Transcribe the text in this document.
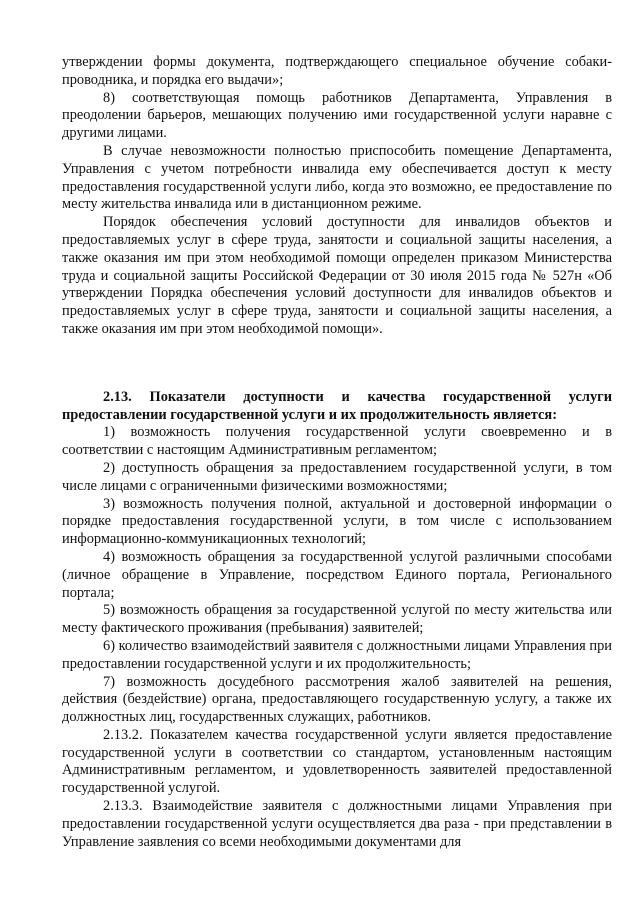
утверждении формы документа, подтверждающего специальное обучение собаки-проводника, и порядка его выдачи»;

8) соответствующая помощь работников Департамента, Управления в преодолении барьеров, мешающих получению ими государственной услуги наравне с другими лицами.

В случае невозможности полностью приспособить помещение Департамента, Управления с учетом потребности инвалида ему обеспечивается доступ к месту предоставления государственной услуги либо, когда это возможно, ее предоставление по месту жительства инвалида или в дистанционном режиме.

Порядок обеспечения условий доступности для инвалидов объектов и предоставляемых услуг в сфере труда, занятости и социальной защиты населения, а также оказания им при этом необходимой помощи определен приказом Министерства труда и социальной защиты Российской Федерации от 30 июля 2015 года № 527н «Об утверждении Порядка обеспечения условий доступности для инвалидов объектов и предоставляемых услуг в сфере труда, занятости и социальной защиты населения, а также оказания им при этом необходимой помощи».

2.13. Показатели доступности и качества государственной услуги предоставлении государственной услуги и их продолжительность является:

1) возможность получения государственной услуги своевременно и в соответствии с настоящим Административным регламентом;

2) доступность обращения за предоставлением государственной услуги, в том числе лицами с ограниченными физическими возможностями;

3) возможность получения полной, актуальной и достоверной информации о порядке предоставления государственной услуги, в том числе с использованием информационно-коммуникационных технологий;

4) возможность обращения за государственной услугой различными способами (личное обращение в Управление, посредством Единого портала, Регионального портала;

5) возможность обращения за государственной услугой по месту жительства или месту фактического проживания (пребывания) заявителей;

6) количество взаимодействий заявителя с должностными лицами Управления при предоставлении государственной услуги и их продолжительность;

7) возможность досудебного рассмотрения жалоб заявителей на решения, действия (бездействие) органа, предоставляющего государственную услугу, а также их должностных лиц, государственных служащих, работников.

2.13.2. Показателем качества государственной услуги является предоставление государственной услуги в соответствии со стандартом, установленным настоящим Административным регламентом, и удовлетворенность заявителей предоставленной государственной услугой.

2.13.3. Взаимодействие заявителя с должностными лицами Управления при предоставлении государственной услуги осуществляется два раза - при представлении в Управление заявления со всеми необходимыми документами для
